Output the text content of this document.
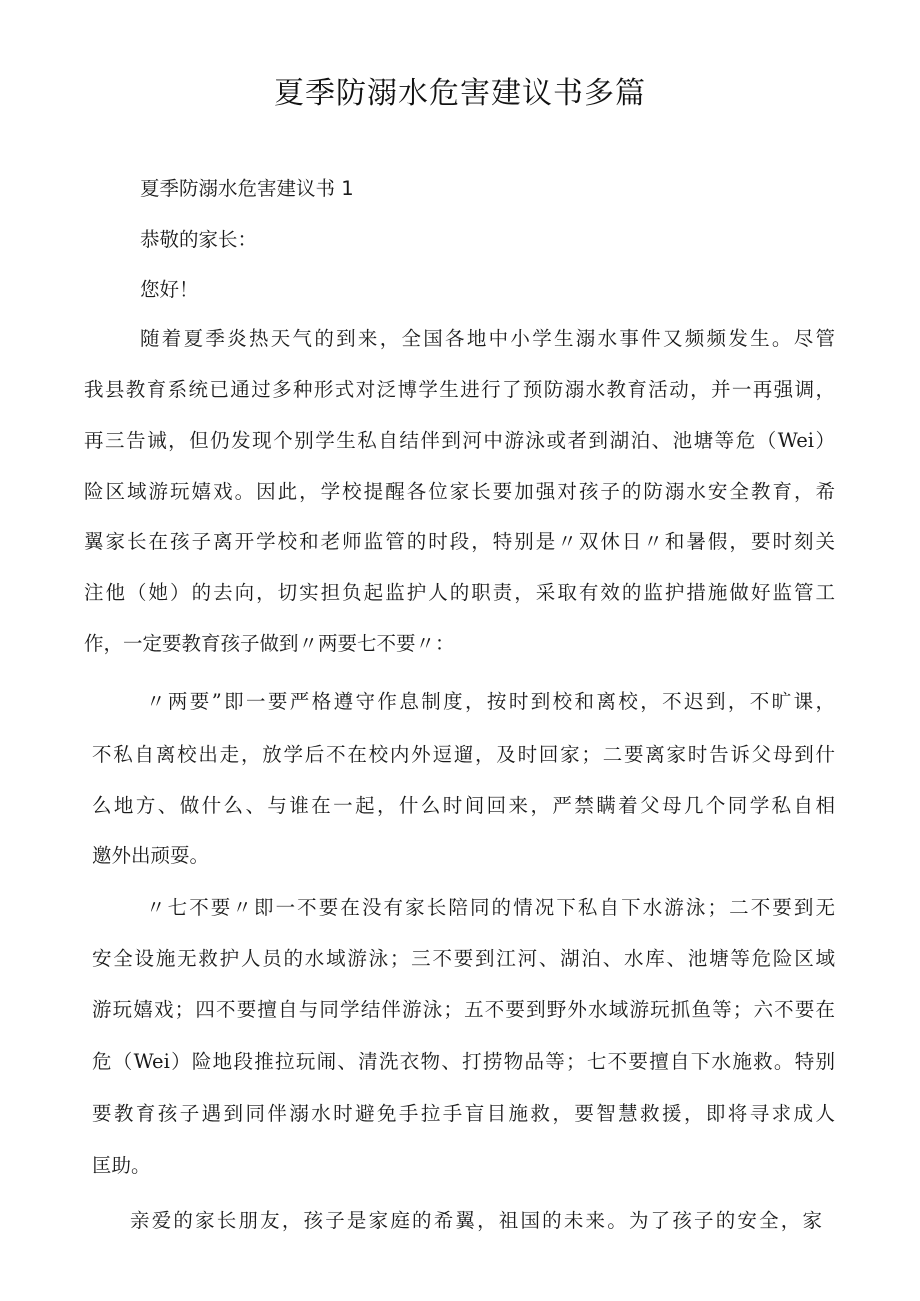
夏季防溺水危害建议书多篇
夏季防溺水危害建议书 1
恭敬的家长：
您好！
随着夏季炎热天气的到来，全国各地中小学生溺水事件又频频发生。尽管
我县教育系统已通过多种形式对泛博学生进行了预防溺水教育活动，并一再强调，
再三告诫，但仍发现个别学生私自结伴到河中游泳或者到湖泊、池塘等危（Wei）
险区域游玩嬉戏。因此，学校提醒各位家长要加强对孩子的防溺水安全教育，希
翼家长在孩子离开学校和老师监管的时段，特别是〃双休日〃和暑假，要时刻关
注他（她）的去向，切实担负起监护人的职责，采取有效的监护措施做好监管工
作，一定要教育孩子做到〃两要七不要〃：
〃两要”即一要严格遵守作息制度，按时到校和离校，不迟到，不旷课，
不私自离校出走，放学后不在校内外逗遛，及时回家；二要离家时告诉父母到什
么地方、做什么、与谁在一起，什么时间回来，严禁瞒着父母几个同学私自相
邀外出顽耍。
〃七不要〃即一不要在没有家长陪同的情况下私自下水游泳；二不要到无
安全设施无救护人员的水域游泳；三不要到江河、湖泊、水库、池塘等危险区域
游玩嬉戏；四不要擅自与同学结伴游泳；五不要到野外水域游玩抓鱼等；六不要在
危（Wei）险地段推拉玩闹、清洗衣物、打捞物品等；七不要擅自下水施救。特别
要教育孩子遇到同伴溺水时避免手拉手盲目施救，要智慧救援，即将寻求成人
匡助。
亲爱的家长朋友，孩子是家庭的希翼，祖国的未来。为了孩子的安全，家
